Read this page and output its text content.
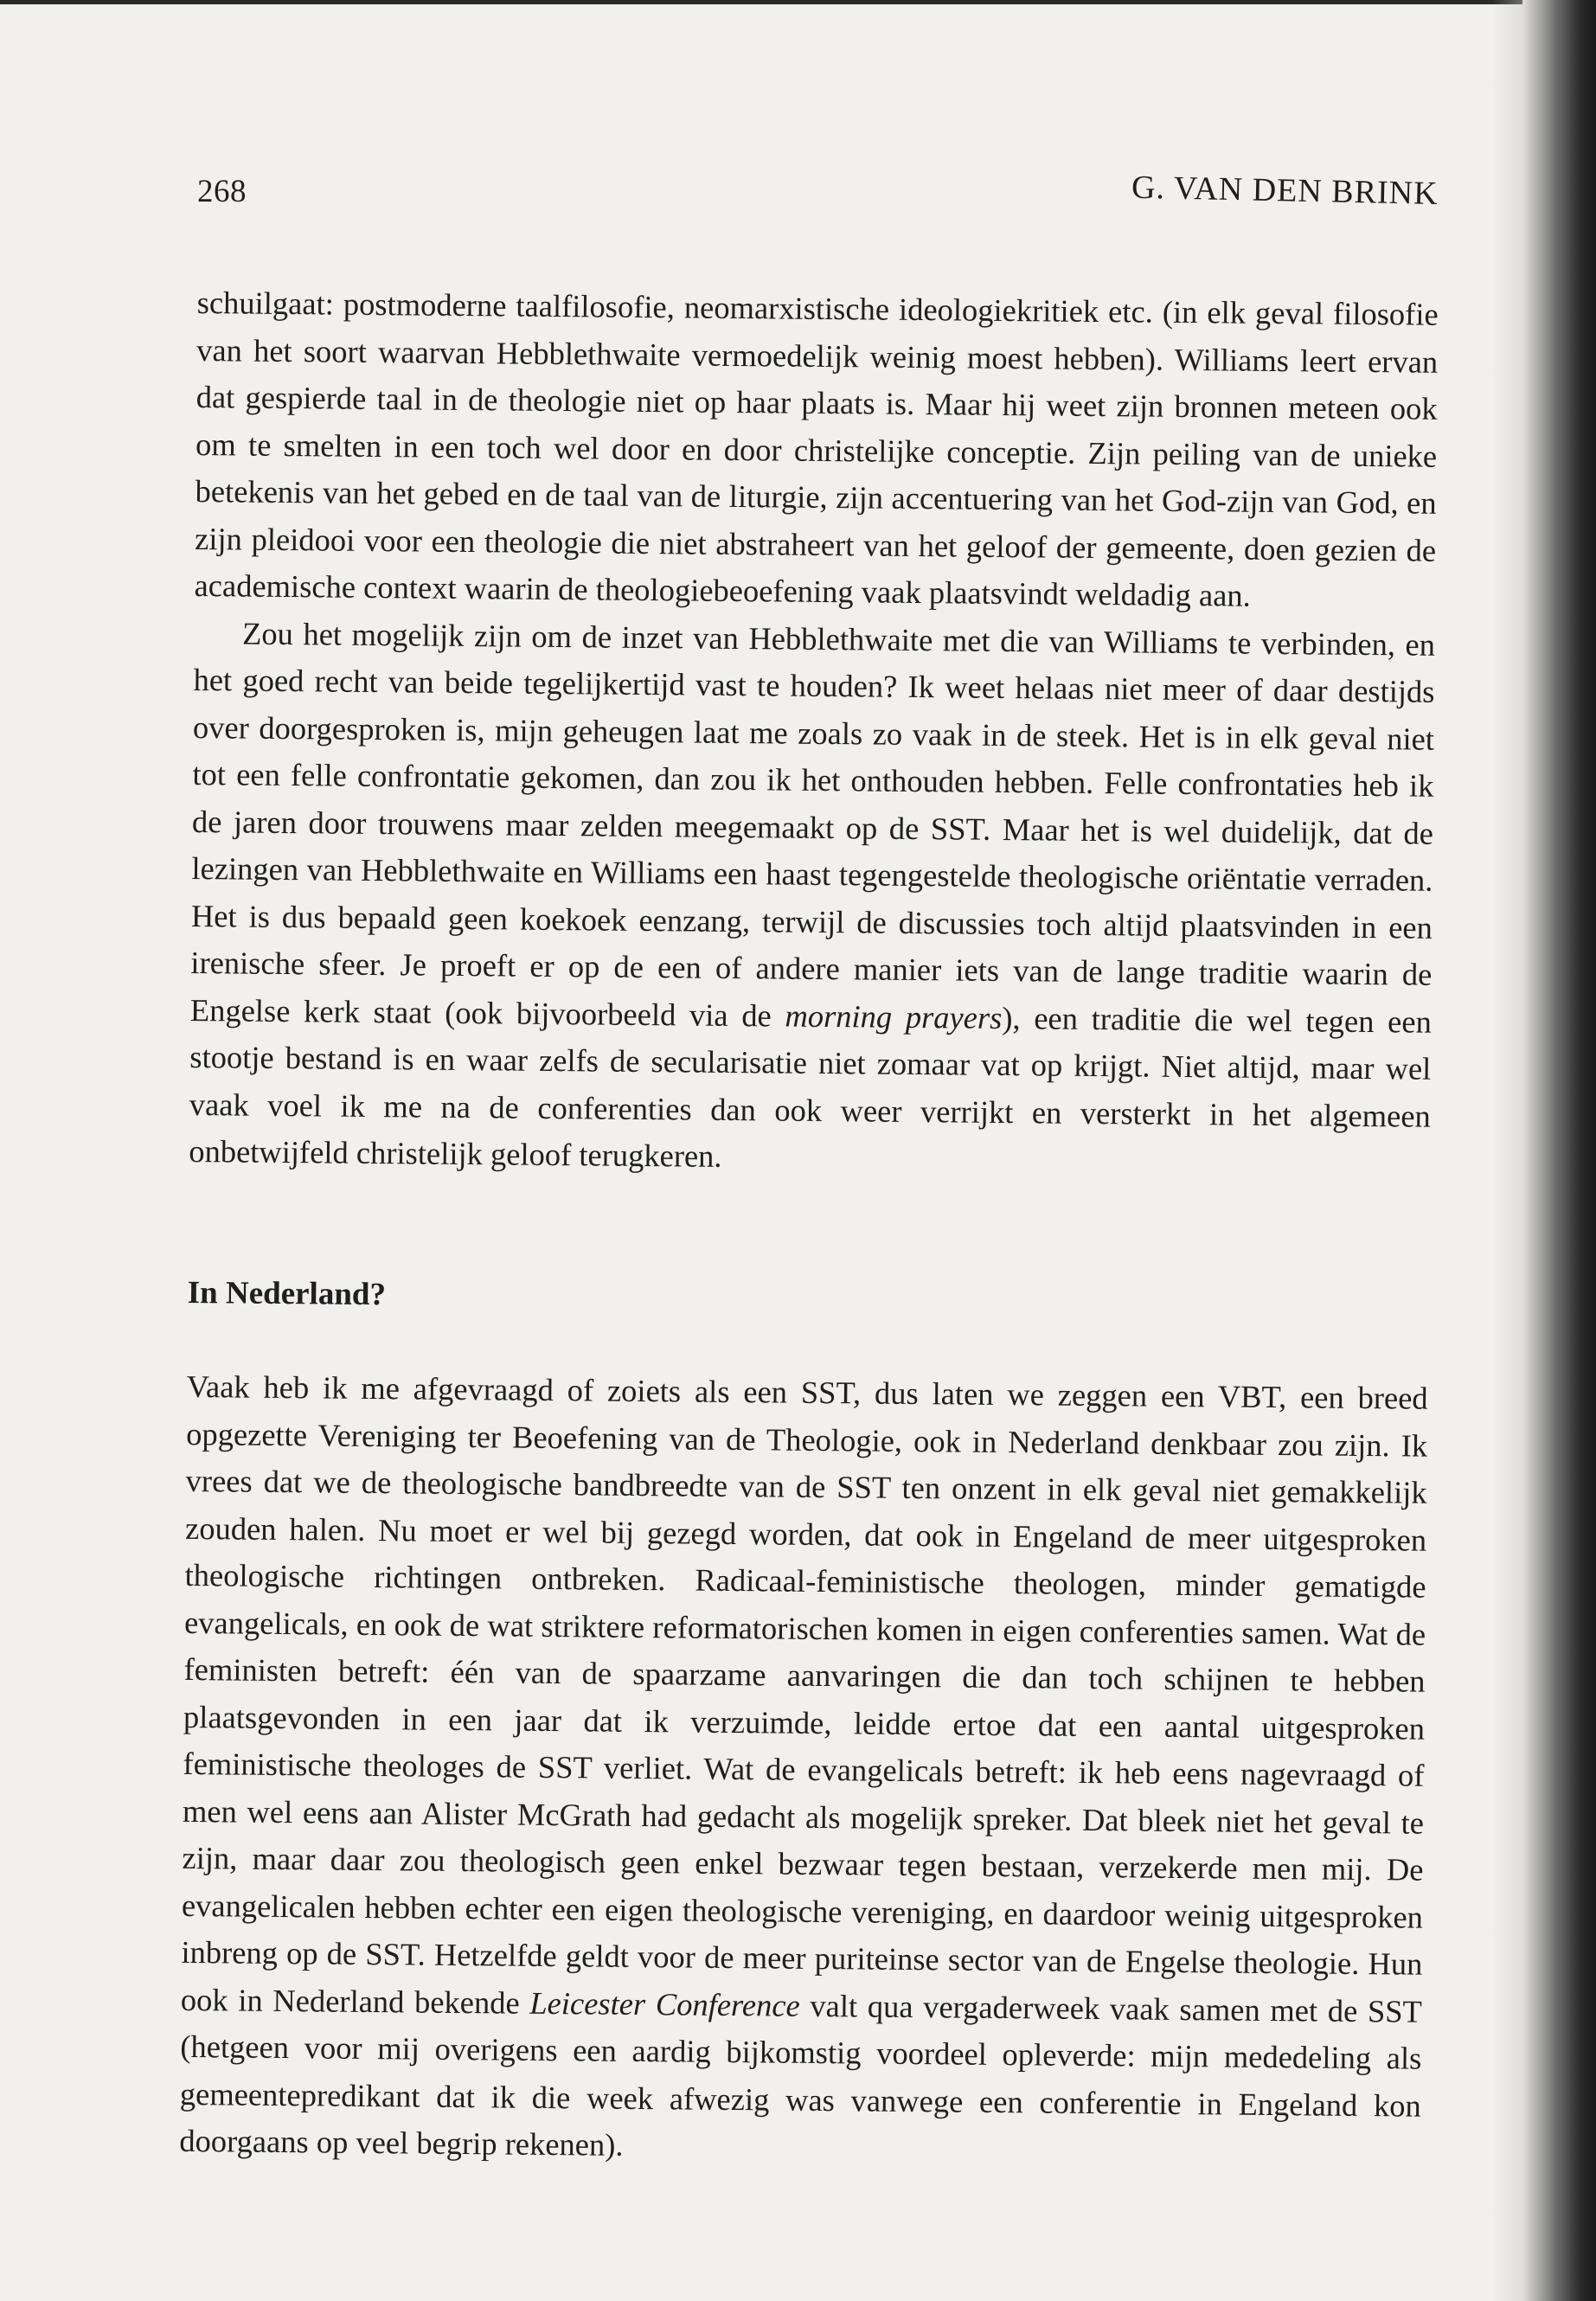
268	G. VAN DEN BRINK

schuilgaat: postmoderne taalfilosofie, neomarxistische ideologiekritiek etc. (in elk geval filosofie van het soort waarvan Hebblethwaite vermoedelijk weinig moest hebben). Williams leert ervan dat gespierde taal in de theologie niet op haar plaats is. Maar hij weet zijn bronnen meteen ook om te smelten in een toch wel door en door christelijke conceptie. Zijn peiling van de unieke betekenis van het gebed en de taal van de liturgie, zijn accentuering van het God-zijn van God, en zijn pleidooi voor een theologie die niet abstraheert van het geloof der gemeente, doen gezien de academische context waarin de theologiebeoefening vaak plaatsvindt weldadig aan.

Zou het mogelijk zijn om de inzet van Hebblethwaite met die van Williams te verbinden, en het goed recht van beide tegelijkertijd vast te houden? Ik weet helaas niet meer of daar destijds over doorgesproken is, mijn geheugen laat me zoals zo vaak in de steek. Het is in elk geval niet tot een felle confrontatie gekomen, dan zou ik het onthouden hebben. Felle confrontaties heb ik de jaren door trouwens maar zelden meegemaakt op de SST. Maar het is wel duidelijk, dat de lezingen van Hebblethwaite en Williams een haast tegengestelde theologische oriëntatie verraden. Het is dus bepaald geen koekoek eenzang, terwijl de discussies toch altijd plaatsvinden in een irenische sfeer. Je proeft er op de een of andere manier iets van de lange traditie waarin de Engelse kerk staat (ook bijvoorbeeld via de morning prayers), een traditie die wel tegen een stootje bestand is en waar zelfs de secularisatie niet zomaar vat op krijgt. Niet altijd, maar wel vaak voel ik me na de conferenties dan ook weer verrijkt en versterkt in het algemeen onbetwijfeld christelijk geloof terugkeren.

In Nederland?

Vaak heb ik me afgevraagd of zoiets als een SST, dus laten we zeggen een VBT, een breed opgezette Vereniging ter Beoefening van de Theologie, ook in Nederland denkbaar zou zijn. Ik vrees dat we de theologische bandbreedte van de SST ten onzent in elk geval niet gemakkelijk zouden halen. Nu moet er wel bij gezegd worden, dat ook in Engeland de meer uitgesproken theologische richtingen ontbreken. Radicaal-feministische theologen, minder gematigde evangelicals, en ook de wat striktere reformatorischen komen in eigen conferenties samen. Wat de feministen betreft: één van de spaarzame aanvaringen die dan toch schijnen te hebben plaatsgevonden in een jaar dat ik verzuimde, leidde ertoe dat een aantal uitgesproken feministische theologes de SST verliet. Wat de evangelicals betreft: ik heb eens nagevraagd of men wel eens aan Alister McGrath had gedacht als mogelijk spreker. Dat bleek niet het geval te zijn, maar daar zou theologisch geen enkel bezwaar tegen bestaan, verzekerde men mij. De evangelicalen hebben echter een eigen theologische vereniging, en daardoor weinig uitgesproken inbreng op de SST. Hetzelfde geldt voor de meer puriteinse sector van de Engelse theologie. Hun ook in Nederland bekende Leicester Conference valt qua vergaderweek vaak samen met de SST (hetgeen voor mij overigens een aardig bijkomstig voordeel opleverde: mijn mededeling als gemeentepredikant dat ik die week afwezig was vanwege een conferentie in Engeland kon doorgaans op veel begrip rekenen).
